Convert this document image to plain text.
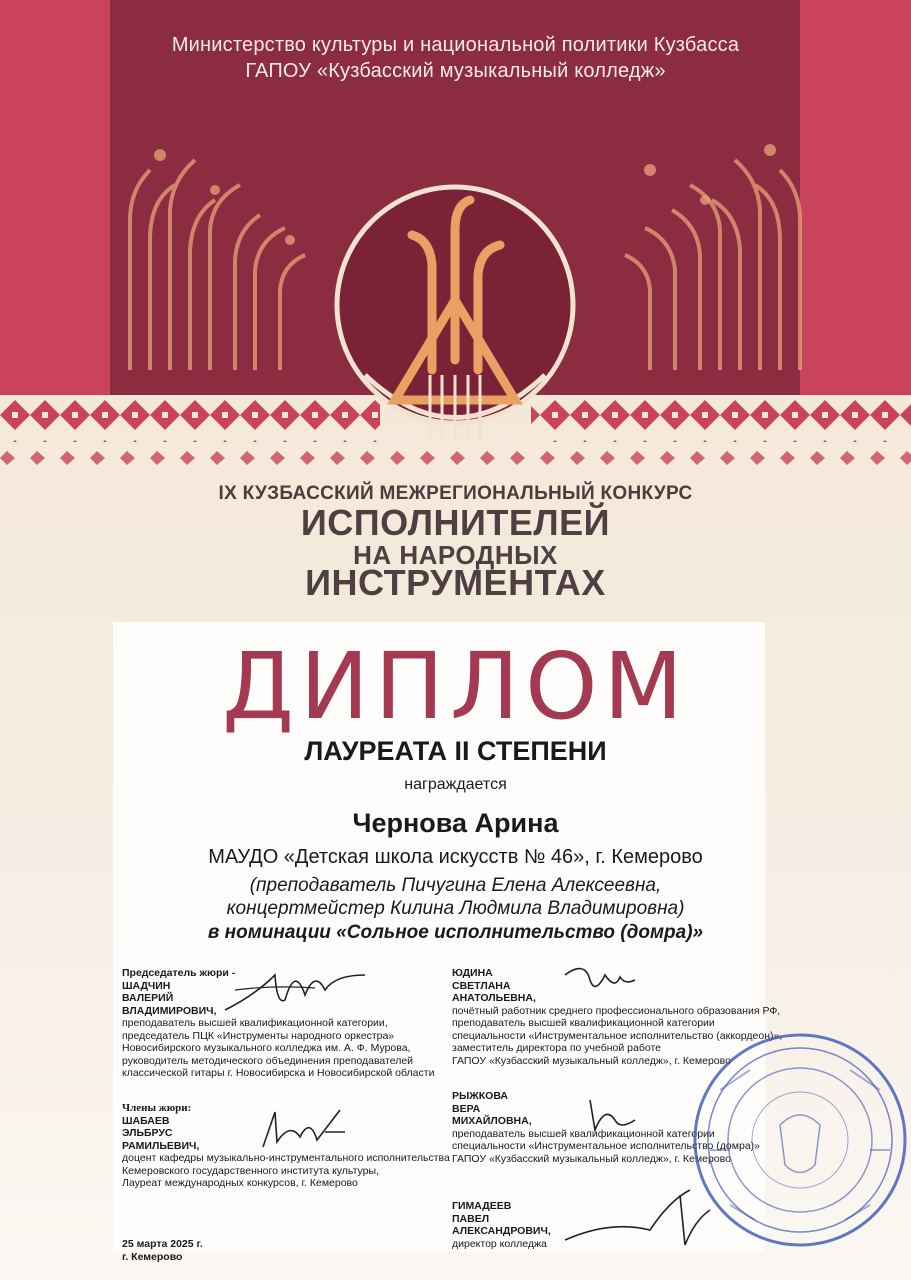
Министерство культуры и национальной политики Кузбасса
ГАПОУ «Кузбасский музыкальный колледж»
IX КУЗБАССКИЙ МЕЖРЕГИОНАЛЬНЫЙ КОНКУРС
ИСПОЛНИТЕЛЕЙ
НА НАРОДНЫХ
ИНСТРУМЕНТАХ
ДИПЛОМ
ЛАУРЕАТА II СТЕПЕНИ
награждается
Чернова Арина
МАУДО «Детская школа искусств № 46», г. Кемерово
(преподаватель Пичугина Елена Алексеевна,
концертмейстер Килина Людмила Владимировна)
в номинации «Сольное исполнительство (домра)»
Председатель жюри -
ШАДЧИН
ВАЛЕРИЙ
ВЛАДИМИРОВИЧ,
преподаватель высшей квалификационной категории,
председатель ПЦК «Инструменты народного оркестра»
Новосибирского музыкального колледжа им. А. Ф. Мурова,
руководитель методического объединения преподавателей
классической гитары г. Новосибирска и Новосибирской области
Члены жюри:
ШАБАЕВ
ЭЛЬБРУС
РАМИЛЬЕВИЧ,
доцент кафедры музыкально-инструментального исполнительства
Кемеровского государственного института культуры,
Лауреат международных конкурсов, г. Кемерово
ЮДИНА
СВЕТЛАНА
АНАТОЛЬЕВНА,
почётный работник среднего профессионального образования РФ,
преподаватель высшей квалификационной категории
специальности «Инструментальное исполнительство (аккордеон)»,
заместитель директора по учебной работе
ГАПОУ «Кузбасский музыкальный колледж», г. Кемерово
РЫЖКОВА
ВЕРА
МИХАЙЛОВНА,
преподаватель высшей квалификационной категории
специальности «Инструментальное исполнительство (домра)»
ГАПОУ «Кузбасский музыкальный колледж», г. Кемерово
ГИМАДЕЕВ
ПАВЕЛ
АЛЕКСАНДРОВИЧ,
директор колледжа
25 марта 2025 г.
г. Кемерово
